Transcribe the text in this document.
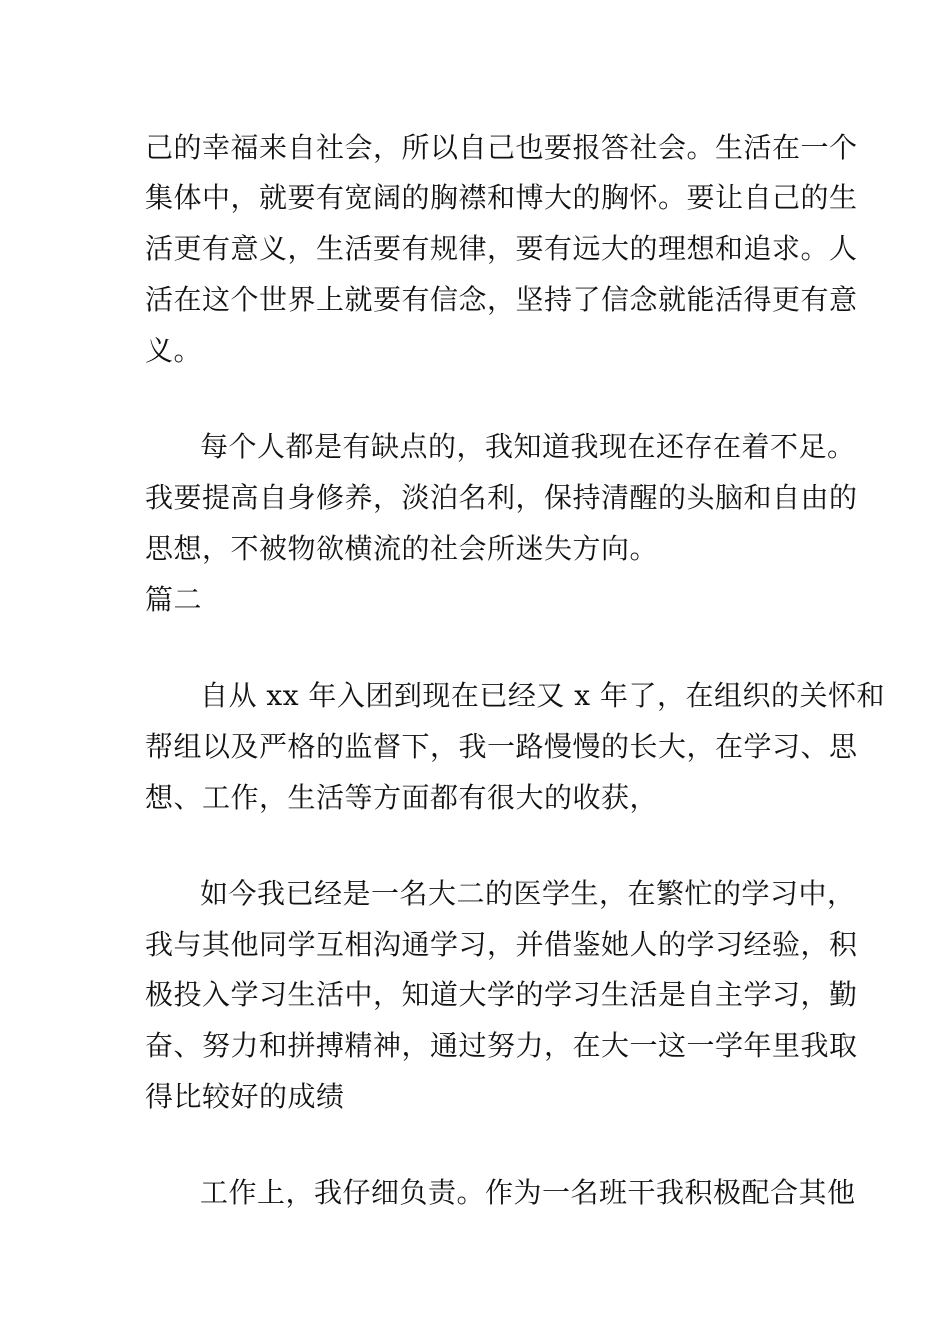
己的幸福来自社会，所以自己也要报答社会。生活在一个
集体中，就要有宽阔的胸襟和博大的胸怀。要让自己的生
活更有意义，生活要有规律，要有远大的理想和追求。人
活在这个世界上就要有信念，坚持了信念就能活得更有意
义。
每个人都是有缺点的，我知道我现在还存在着不足。
我要提高自身修养，淡泊名利，保持清醒的头脑和自由的
思想，不被物欲横流的社会所迷失方向。
篇二
自从 xx 年入团到现在已经又 x 年了，在组织的关怀和
帮组以及严格的监督下，我一路慢慢的长大，在学习、思
想、工作，生活等方面都有很大的收获，
如今我已经是一名大二的医学生，在繁忙的学习中，
我与其他同学互相沟通学习，并借鉴她人的学习经验，积
极投入学习生活中，知道大学的学习生活是自主学习，勤
奋、努力和拼搏精神，通过努力，在大一这一学年里我取
得比较好的成绩
工作上，我仔细负责。作为一名班干我积极配合其他
